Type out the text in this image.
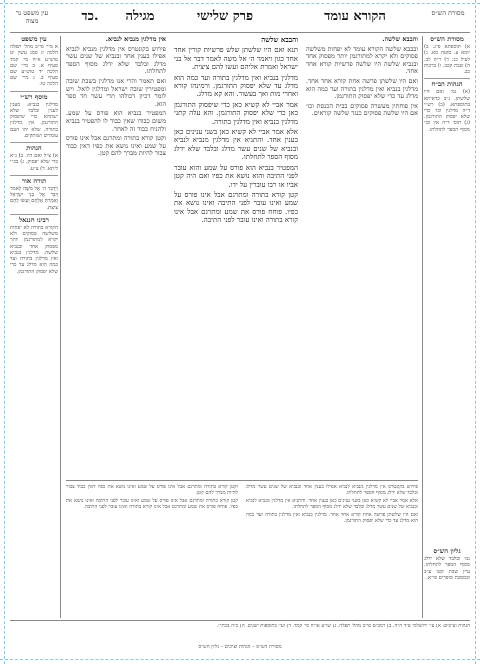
מסורת הש״ס
הקורא עומד
פרק שלישי
מגילה
כד.
עין משפט נר מצוה
מסורת הש״ס

א) תוספתא פ״ג. ב) יומא ע. סוטה מא. ג) לעיל כג: ד) ר״ה לב. ה) שבת קכב. ו) ברכות כב.

הגהות הב״ח

(א) גמ׳ ואם היו שלשתן. נ״ב כדאיתא בתוספתא. (ב) רש״י ד״ה מדלגין וכו׳ כדי שלא יפסוק התורגמן. (ג) תוס׳ ד״ה אין וכו׳ מסוף הספר לתחלתו.

גליון הש״ס

גמ׳ ובלבד שלא ידלג מסוף הספר לתחלתו. עיין שבת קטו ע״ב ובמסכת סופרים פי״א.

והבבא שלשה.

ובבבא שלשה הקורא עומד לא יפחות משלשה פסוקים ולא יקרא למתורגמן יותר מפסוק אחד ובנביא שלשה היו שלשה פרשיות קורא אחד אחד.

ואם היו שלשתן פרשה אחת קורא אחד אחד. מדלגין בנביא ואין מדלגין בתורה ועד כמה הוא מדלג עד כדי שלא יפסוק התורגמן.

אין פוחתין מעשרה פסוקים בבית הכנסת וכו׳ אם היו שלשה פסוקים כנגד שלשה קוראים.

והבבא שלשה

תנא ואם היו שלשתן שלש פרשיות קורין אחד אחד כגון ויאמר ה׳ אל משה לאמר דבר אל בני ישראל ואמרת אליהם ועשו להם ציצית.

מדלגין בנביא ואין מדלגין בתורה ועד כמה הוא מדלג עד שלא יפסוק התורגמן. ורמינהו קורא ואחרי מות ואך בעשור. והא קא מדלג.

אמר אביי לא קשיא כאן כדי שיפסוק התורגמן כאן כדי שלא יפסוק התורגמן. והא עלה קתני מדלגין בנביא ואין מדלגין בתורה.

אלא אמר אביי לא קשיא כאן בשני ענינים כאן בענין אחד. והתניא אין מדלגין מנביא לנביא ובנביא של שנים עשר מדלג ובלבד שלא ידלג מסוף הספר לתחלתו.

המפטיר בנביא הוא פורס על שמע והוא עובר לפני התיבה והוא נושא את כפיו ואם היה קטן אביו או רבו עוברין על ידו.

קטן קורא בתורה ומתרגם אבל אינו פורס על שמע ואינו עובר לפני התיבה ואינו נושא את כפיו. פוחח פורס את שמע ומתרגם אבל אינו קורא בתורה ואינו עובר לפני התיבה.

אין מדלגין מנביא לנביא.

פירוש בקונטרס אין מדלגין מנביא לנביא אפילו בענין אחד ובנביא של שנים עשר מדלג ובלבד שלא ידלג מסוף הספר לתחלתו.

ואם תאמר והרי אנו מדלגין בשבת שובה ומפטירין שובה ישראל ומדלגין לואל. ויש לומר דכיון דכולהו תרי עשר חד ספר הוא.

המפטיר בנביא הוא פורס על שמע. משום כבודו שאין כבוד לו להפטיר בנביא ולהניח כבוד זה לאחר.

וקטן קורא בתורה ומתרגם אבל אינו פורס על שמע ואינו נושא את כפיו דאין כבוד צבור להיות מברך להם קטן.

עין משפט

א מיי׳ פי״ב מהל׳ תפלה הלכה יג סמג עשין יט טוש״ע א״ח סי׳ קמד סעיף א. ב מיי׳ שם הלכה יד טוש״ע שם סעיף ב. ג מיי׳ שם הלכה טו.

מוסף רש״י

מדלגין בנביא. מענין לענין ובלבד שלא ישתהא כדי שיפסוק התורגמן. אין מדלגין בתורה. שלא יהו העם עומדים ושותקים.

הגהות

א) צ״ל ואם היו. ב) נ״א כדי שלא יפסוק. ג) בכ״י ליתא. ד) צ״ע.

תורה אור

וַיְדַבֵּר ה׳ אֶל מֹשֶׁה לֵּאמֹר דַּבֵּר אֶל בְּנֵי יִשְׂרָאֵל וְאָמַרְתָּ אֲלֵהֶם וְעָשׂוּ לָהֶם צִיצִת.

רבינו חננאל

הקורא בתורה לא יפחות משלשה פסוקים ולא יקרא למתורגמן יותר מפסוק אחד ובנביא שלשה. מדלגין בנביא ואין מדלגין בתורה ועד כמה הוא מדלג עד כדי שלא יפסוק התורגמן.

פירוש בקונטרס אין מדלגין מנביא לנביא אפילו בענין אחד ובנביא של שנים עשר מדלג ובלבד שלא ידלג מסוף הספר לתחלתו.

אלא אמר אביי לא קשיא כאן בשני ענינים כאן בענין אחד. והתניא אין מדלגין מנביא לנביא ובנביא של שנים עשר מדלג ובלבד שלא ידלג מסוף הספר לתחלתו.

ואם היו שלשתן פרשה אחת קורא אחד אחד. מדלגין בנביא ואין מדלגין בתורה ועד כמה הוא מדלג עד כדי שלא יפסוק התורגמן.

וקטן קורא בתורה ומתרגם אבל אינו פורס על שמע ואינו נושא את כפיו דאין כבוד צבור להיות מברך להם קטן.

קטן קורא בתורה ומתרגם אבל אינו פורס על שמע ואינו עובר לפני התיבה ואינו נושא את כפיו. פוחח פורס את שמע ומתרגם אבל אינו קורא בתורה ואינו עובר לפני התיבה.

הגהות וציונים: א) עי׳ ירושלמי פ״ד ה״ה. ב) רמב״ם פי״ב מהל׳ תפלה. ג) שו״ע או״ח סי׳ קמד. ד) ועי׳ בתוספות ישנים. ה) כ״ה בכת״י.

מסורת הש״ס – הגהות וציונים – גליון הש״ס
